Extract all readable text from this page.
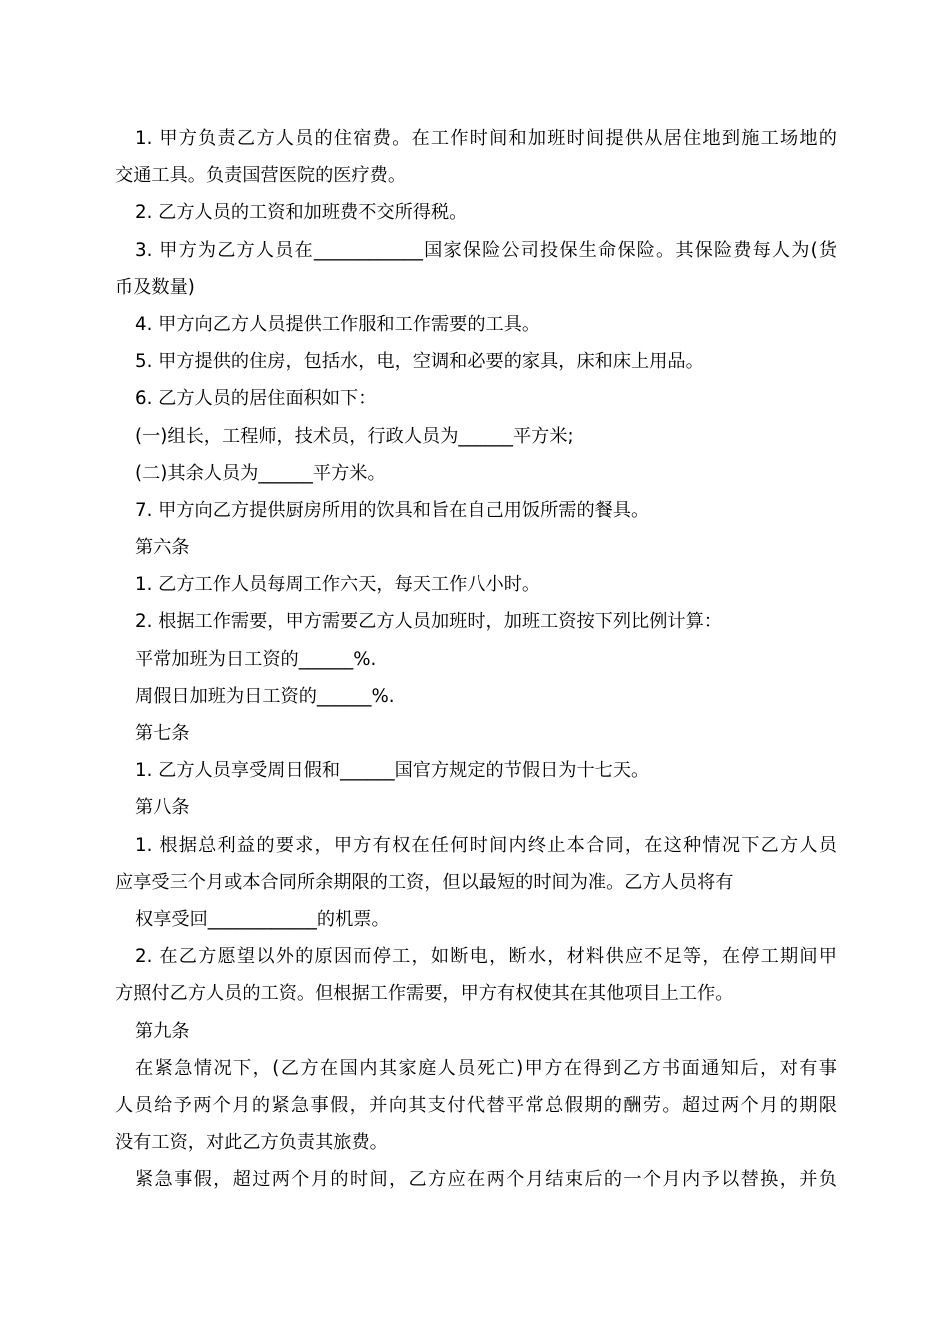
1. 甲方负责乙方人员的住宿费。在工作时间和加班时间提供从居住地到施工场地的
交通工具。负责国营医院的医疗费。
2. 乙方人员的工资和加班费不交所得税。
3. 甲方为乙方人员在____________国家保险公司投保生命保险。其保险费每人为(货
币及数量)
4. 甲方向乙方人员提供工作服和工作需要的工具。
5. 甲方提供的住房，包括水，电，空调和必要的家具，床和床上用品。
6. 乙方人员的居住面积如下：
(一)组长，工程师，技术员，行政人员为______平方米;
(二)其余人员为______平方米。
7. 甲方向乙方提供厨房所用的饮具和旨在自己用饭所需的餐具。
第六条
1. 乙方工作人员每周工作六天，每天工作八小时。
2. 根据工作需要，甲方需要乙方人员加班时，加班工资按下列比例计算：
平常加班为日工资的______%.
周假日加班为日工资的______%.
第七条
1. 乙方人员享受周日假和______国官方规定的节假日为十七天。
第八条
1. 根据总利益的要求，甲方有权在任何时间内终止本合同，在这种情况下乙方人员
应享受三个月或本合同所余期限的工资，但以最短的时间为准。乙方人员将有
权享受回____________的机票。
2. 在乙方愿望以外的原因而停工，如断电，断水，材料供应不足等，在停工期间甲
方照付乙方人员的工资。但根据工作需要，甲方有权使其在其他项目上工作。
第九条
在紧急情况下，(乙方在国内其家庭人员死亡)甲方在得到乙方书面通知后，对有事
人员给予两个月的紧急事假，并向其支付代替平常总假期的酬劳。超过两个月的期限
没有工资，对此乙方负责其旅费。
紧急事假，超过两个月的时间，乙方应在两个月结束后的一个月内予以替换，并负
